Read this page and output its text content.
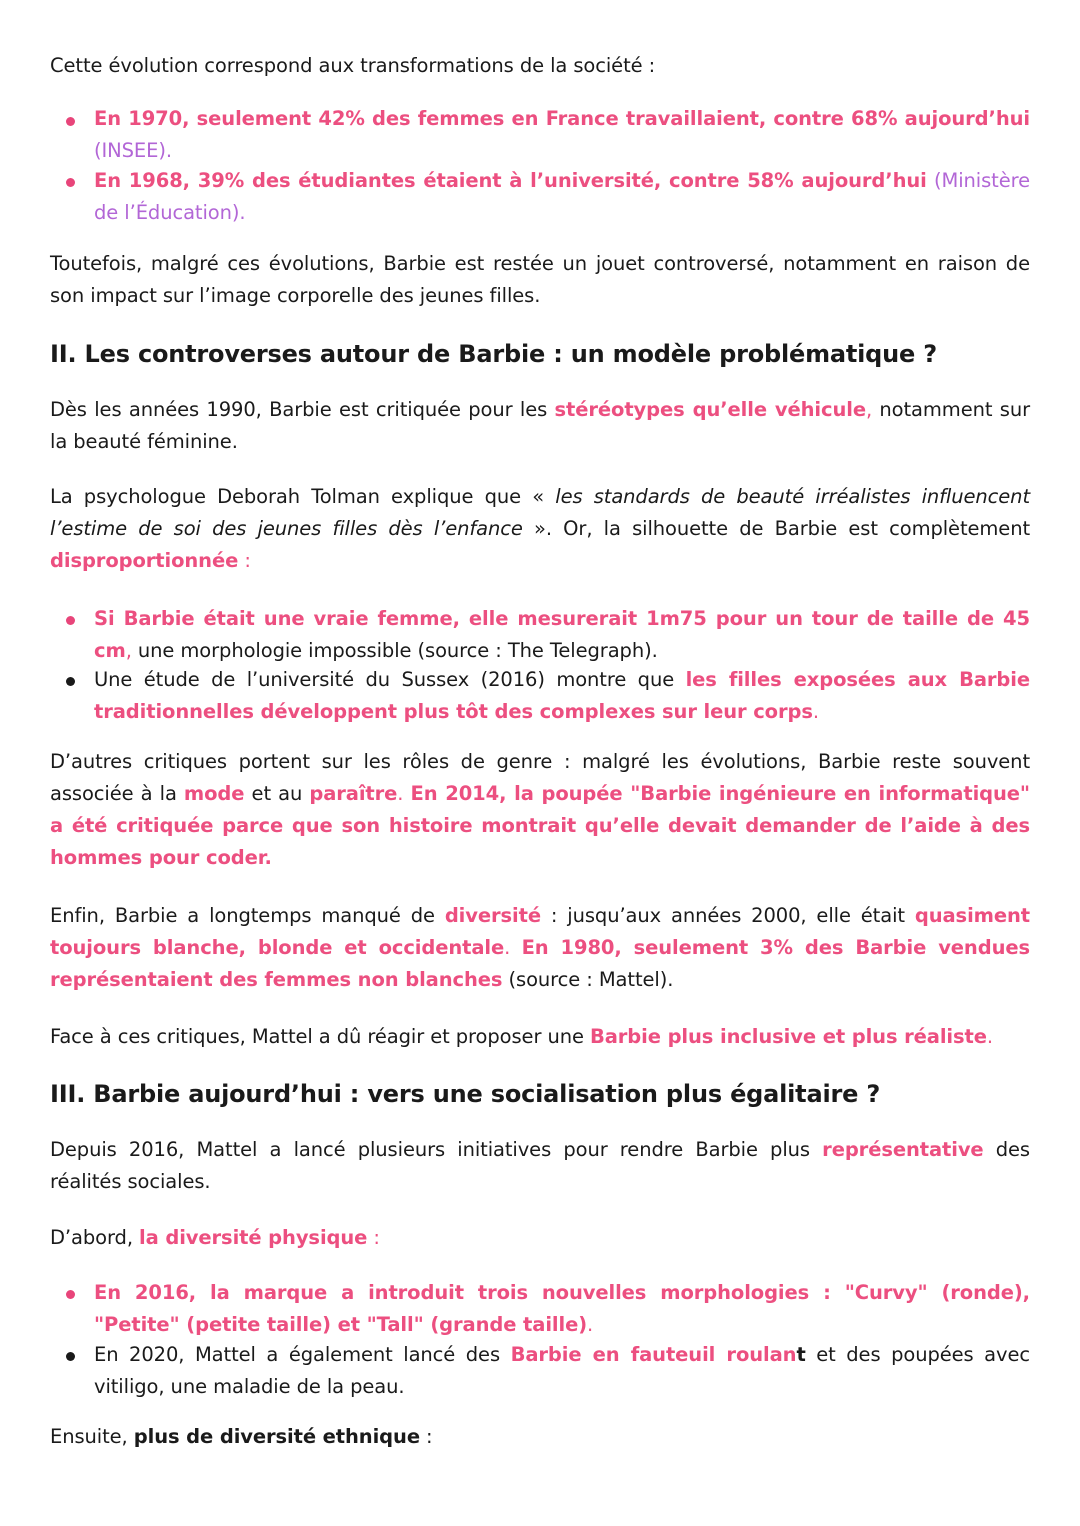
Cette évolution correspond aux transformations de la société :

En 1970, seulement 42% des femmes en France travaillaient, contre 68% aujourd’hui (INSEE).

En 1968, 39% des étudiantes étaient à l’université, contre 58% aujourd’hui (Ministère de l’Éducation).

Toutefois, malgré ces évolutions, Barbie est restée un jouet controversé, notamment en raison de son impact sur l’image corporelle des jeunes filles.

II. Les controverses autour de Barbie : un modèle problématique ?

Dès les années 1990, Barbie est critiquée pour les stéréotypes qu’elle véhicule, notamment sur la beauté féminine.

La psychologue Deborah Tolman explique que « les standards de beauté irréalistes influencent l’estime de soi des jeunes filles dès l’enfance ». Or, la silhouette de Barbie est complètement disproportionnée :

Si Barbie était une vraie femme, elle mesurerait 1m75 pour un tour de taille de 45 cm, une morphologie impossible (source : The Telegraph).

Une étude de l’université du Sussex (2016) montre que les filles exposées aux Barbie traditionnelles développent plus tôt des complexes sur leur corps.

D’autres critiques portent sur les rôles de genre : malgré les évolutions, Barbie reste souvent associée à la mode et au paraître. En 2014, la poupée "Barbie ingénieure en informatique" a été critiquée parce que son histoire montrait qu’elle devait demander de l’aide à des hommes pour coder.

Enfin, Barbie a longtemps manqué de diversité : jusqu’aux années 2000, elle était quasiment toujours blanche, blonde et occidentale. En 1980, seulement 3% des Barbie vendues représentaient des femmes non blanches (source : Mattel).

Face à ces critiques, Mattel a dû réagir et proposer une Barbie plus inclusive et plus réaliste.

III. Barbie aujourd’hui : vers une socialisation plus égalitaire ?

Depuis 2016, Mattel a lancé plusieurs initiatives pour rendre Barbie plus représentative des réalités sociales.

D’abord, la diversité physique :

En 2016, la marque a introduit trois nouvelles morphologies : "Curvy" (ronde), "Petite" (petite taille) et "Tall" (grande taille).

En 2020, Mattel a également lancé des Barbie en fauteuil roulant et des poupées avec vitiligo, une maladie de la peau.

Ensuite, plus de diversité ethnique :
